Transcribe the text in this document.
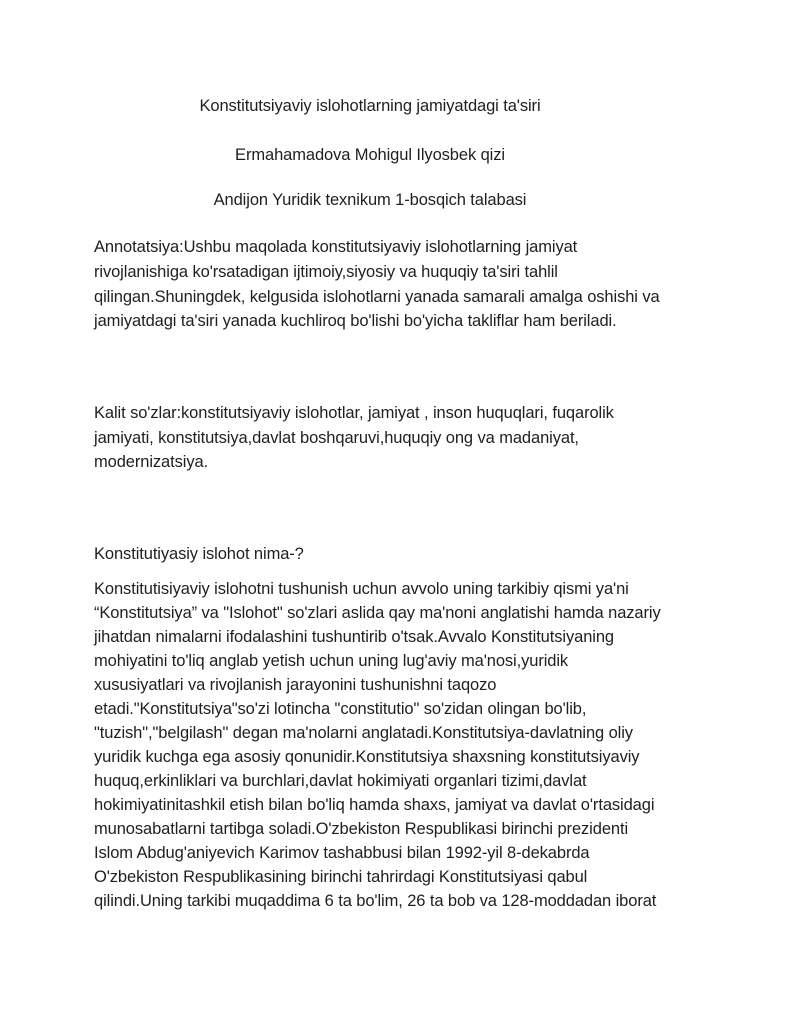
Konstitutsiyaviy islohotlarning jamiyatdagi ta'siri
Ermahamadova Mohigul Ilyosbek qizi
Andijon Yuridik texnikum 1-bosqich talabasi
Annotatsiya:Ushbu maqolada konstitutsiyaviy islohotlarning jamiyat
rivojlanishiga ko'rsatadigan ijtimoiy,siyosiy va huquqiy ta'siri tahlil
qilingan.Shuningdek, kelgusida islohotlarni yanada samarali amalga oshishi va
jamiyatdagi ta'siri yanada kuchliroq bo'lishi bo'yicha takliflar ham beriladi.
Kalit so'zlar:konstitutsiyaviy islohotlar, jamiyat , inson huquqlari, fuqarolik
jamiyati, konstitutsiya,davlat boshqaruvi,huquqiy ong va madaniyat,
modernizatsiya.
Konstitutiyasiy islohot nima-?
Konstitutisiyaviy islohotni tushunish uchun avvolo uning tarkibiy qismi ya'ni
“Konstitutsiya” va "Islohot" so'zlari aslida qay ma'noni anglatishi hamda nazariy
jihatdan nimalarni ifodalashini tushuntirib o'tsak.Avvalo Konstitutsiyaning
mohiyatini to'liq anglab yetish uchun uning lug'aviy ma'nosi,yuridik
xususiyatlari va rivojlanish jarayonini tushunishni taqozo
etadi."Konstitutsiya"so'zi lotincha "constitutio" so'zidan olingan bo'lib,
"tuzish","belgilash" degan ma'nolarni anglatadi.Konstitutsiya-davlatning oliy
yuridik kuchga ega asosiy qonunidir.Konstitutsiya shaxsning konstitutsiyaviy
huquq,erkinliklari va burchlari,davlat hokimiyati organlari tizimi,davlat
hokimiyatinitashkil etish bilan bo'liq hamda shaxs, jamiyat va davlat o'rtasidagi
munosabatlarni tartibga soladi.O'zbekiston Respublikasi birinchi prezidenti
Islom Abdug'aniyevich Karimov tashabbusi bilan 1992-yil 8-dekabrda
O'zbekiston Respublikasining birinchi tahrirdagi Konstitutsiyasi qabul
qilindi.Uning tarkibi muqaddima 6 ta bo'lim, 26 ta bob va 128-moddadan iborat
